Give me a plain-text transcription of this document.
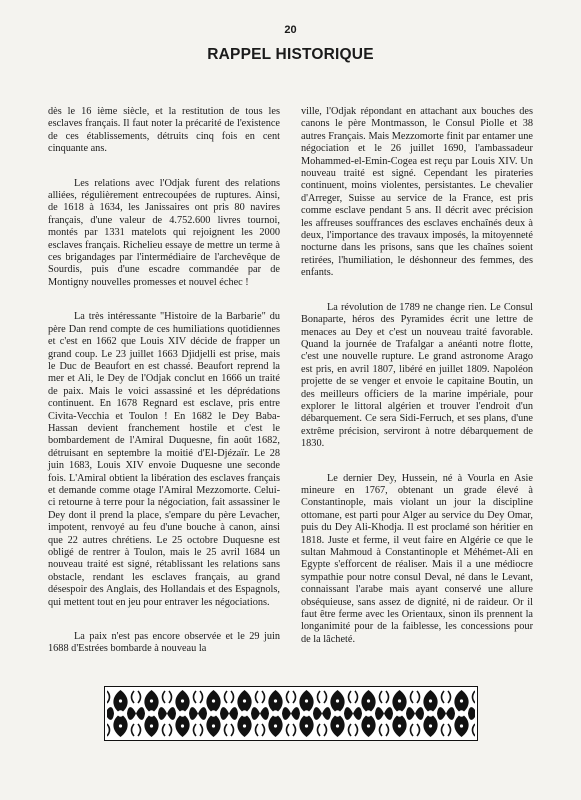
20
RAPPEL HISTORIQUE

dès le 16 ième siècle, et la restitution de tous les esclaves français. Il faut noter la précarité de l'existence de ces établissements, détruits cinq fois en cent cinquante ans.

Les relations avec l'Odjak furent des relations alliées, régulièrement entrecoupées de ruptures. Ainsi, de 1618 à 1634, les Janissaires ont pris 80 navires français, d'une valeur de 4.752.600 livres tournoi, montés par 1331 matelots qui rejoignent les 2000 esclaves français. Richelieu essaye de mettre un terme à ces brigandages par l'intermédiaire de l'archevêque de Sourdis, puis d'une escadre commandée par de Montigny nouvelles promesses et nouvel échec !

La très intéressante "Histoire de la Barbarie" du père Dan rend compte de ces humiliations quotidiennes et c'est en 1662 que Louis XIV décide de frapper un grand coup. Le 23 juillet 1663 Djidjelli est prise, mais le Duc de Beaufort en est chassé. Beaufort reprend la mer et Ali, le Dey de l'Odjak conclut en 1666 un traité de paix. Mais le voici assassiné et les déprédations continuent. En 1678 Regnard est esclave, pris entre Civita-Vecchia et Toulon ! En 1682 le Dey Baba-Hassan devient franchement hostile et c'est le bombardement de l'Amiral Duquesne, fin août 1682, détruisant en septembre la moitié d'El-Djézaïr. Le 28 juin 1683, Louis XIV envoie Duquesne une seconde fois. L'Amiral obtient la libération des esclaves français et demande comme otage l'Amiral Mezzomorte. Celui-ci retourne à terre pour la négociation, fait assassiner le Dey dont il prend la place, s'empare du père Levacher, impotent, renvoyé au feu d'une bouche à canon, ainsi que 22 autres chrétiens. Le 25 octobre Duquesne est obligé de rentrer à Toulon, mais le 25 avril 1684 un nouveau traité est signé, rétablissant les relations sans obstacle, rendant les esclaves français, au grand désespoir des Anglais, des Hollandais et des Espagnols, qui mettent tout en jeu pour entraver les négociations.

La paix n'est pas encore observée et le 29 juin 1688 d'Estrées bombarde à nouveau la

ville, l'Odjak répondant en attachant aux bouches des canons le père Montmasson, le Consul Piolle et 38 autres Français. Mais Mezzomorte finit par entamer une négociation et le 26 juillet 1690, l'ambassadeur Mohammed-el-Emin-Cogea est reçu par Louis XIV. Un nouveau traité est signé. Cependant les pirateries continuent, moins violentes, persistantes. Le chevalier d'Arreger, Suisse au service de la France, est pris comme esclave pendant 5 ans. Il décrit avec précision les affreuses souffrances des esclaves enchaînés deux à deux, l'importance des travaux imposés, la mitoyenneté nocturne dans les prisons, sans que les chaînes soient retirées, l'humiliation, le déshonneur des femmes, des enfants.

La révolution de 1789 ne change rien. Le Consul Bonaparte, héros des Pyramides écrit une lettre de menaces au Dey et c'est un nouveau traité favorable. Quand la journée de Trafalgar a anéanti notre flotte, c'est une nouvelle rupture. Le grand astronome Arago est pris, en avril 1807, libéré en juillet 1809. Napoléon projette de se venger et envoie le capitaine Boutin, un des meilleurs officiers de la marine impériale, pour explorer le littoral algérien et trouver l'endroit d'un débarquement. Ce sera Sidi-Ferruch, et ses plans, d'une extrême précision, serviront à notre débarquement de 1830.

Le dernier Dey, Hussein, né à Vourla en Asie mineure en 1767, obtenant un grade élevé à Constantinople, mais violant un jour la discipline ottomane, est parti pour Alger au service du Dey Omar, puis du Dey Ali-Khodja. Il est proclamé son héritier en 1818. Juste et ferme, il veut faire en Algérie ce que le sultan Mahmoud à Constantinople et Méhémet-Ali en Egypte s'efforcent de réaliser. Mais il a une médiocre sympathie pour notre consul Deval, né dans le Levant, connaissant l'arabe mais ayant conservé une allure obséquieuse, sans assez de dignité, ni de raideur. Or il faut être ferme avec les Orientaux, sinon ils prennent la longanimité pour de la faiblesse, les concessions pour de la lâcheté.
